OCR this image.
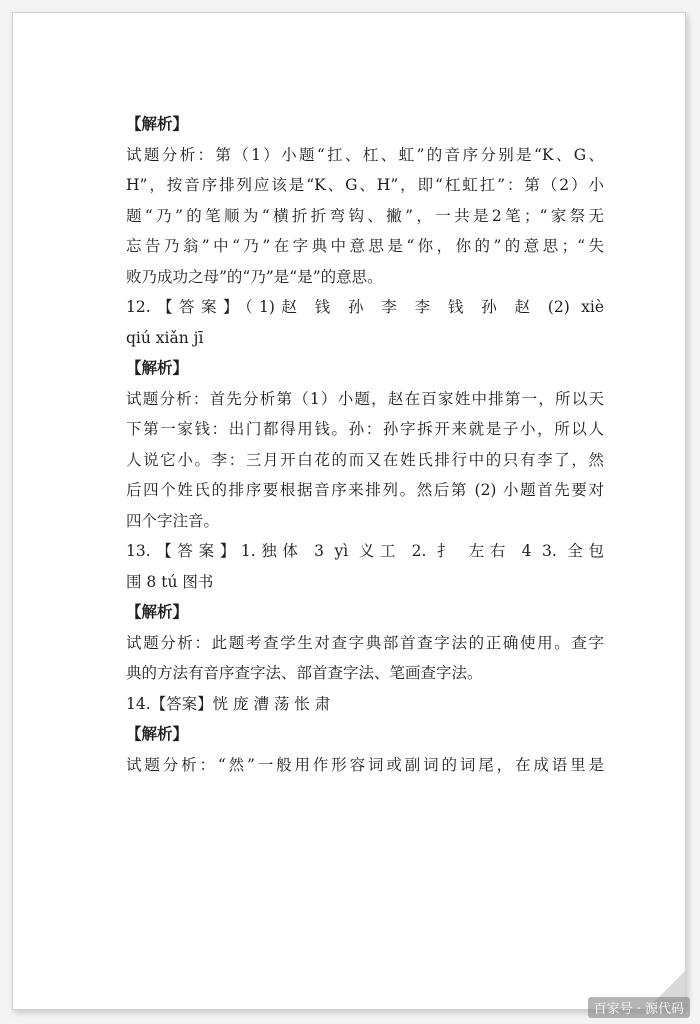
【解析】
试题分析：第（1）小题“扛、杠、虹”的音序分别是“K、G、
H”，按音序排列应该是“K、G、H”，即“杠虹扛”：第（2）小
题“乃”的笔顺为“横折折弯钩、撇”，一共是2笔；“家祭无
忘告乃翁”中“乃”在字典中意思是“你，你的”的意思；“失
败乃成功之母”的“乃”是“是”的意思。
12.【答案】（1)赵 钱 孙 李 李 钱 孙 赵 (2) xiè
qiú xiǎn jī
【解析】
试题分析：首先分析第（1）小题，赵在百家姓中排第一，所以天
下第一家钱：出门都得用钱。孙：孙字拆开来就是子小，所以人
人说它小。李：三月开白花的而又在姓氏排行中的只有李了，然
后四个姓氏的排序要根据音序来排列。然后第 (2) 小题首先要对
四个字注音。
13.【答案】1.独体 3 yì 义工 2. 扌 左右 4 3. 全包
围 8 tú 图书
【解析】
试题分析：此题考查学生对查字典部首查字法的正确使用。查字
典的方法有音序查字法、部首查字法、笔画查字法。
14.【答案】恍 庞 漕 荡 怅 肃
【解析】
试题分析：“然”一般用作形容词或副词的词尾，在成语里是
百家号 · 源代码
